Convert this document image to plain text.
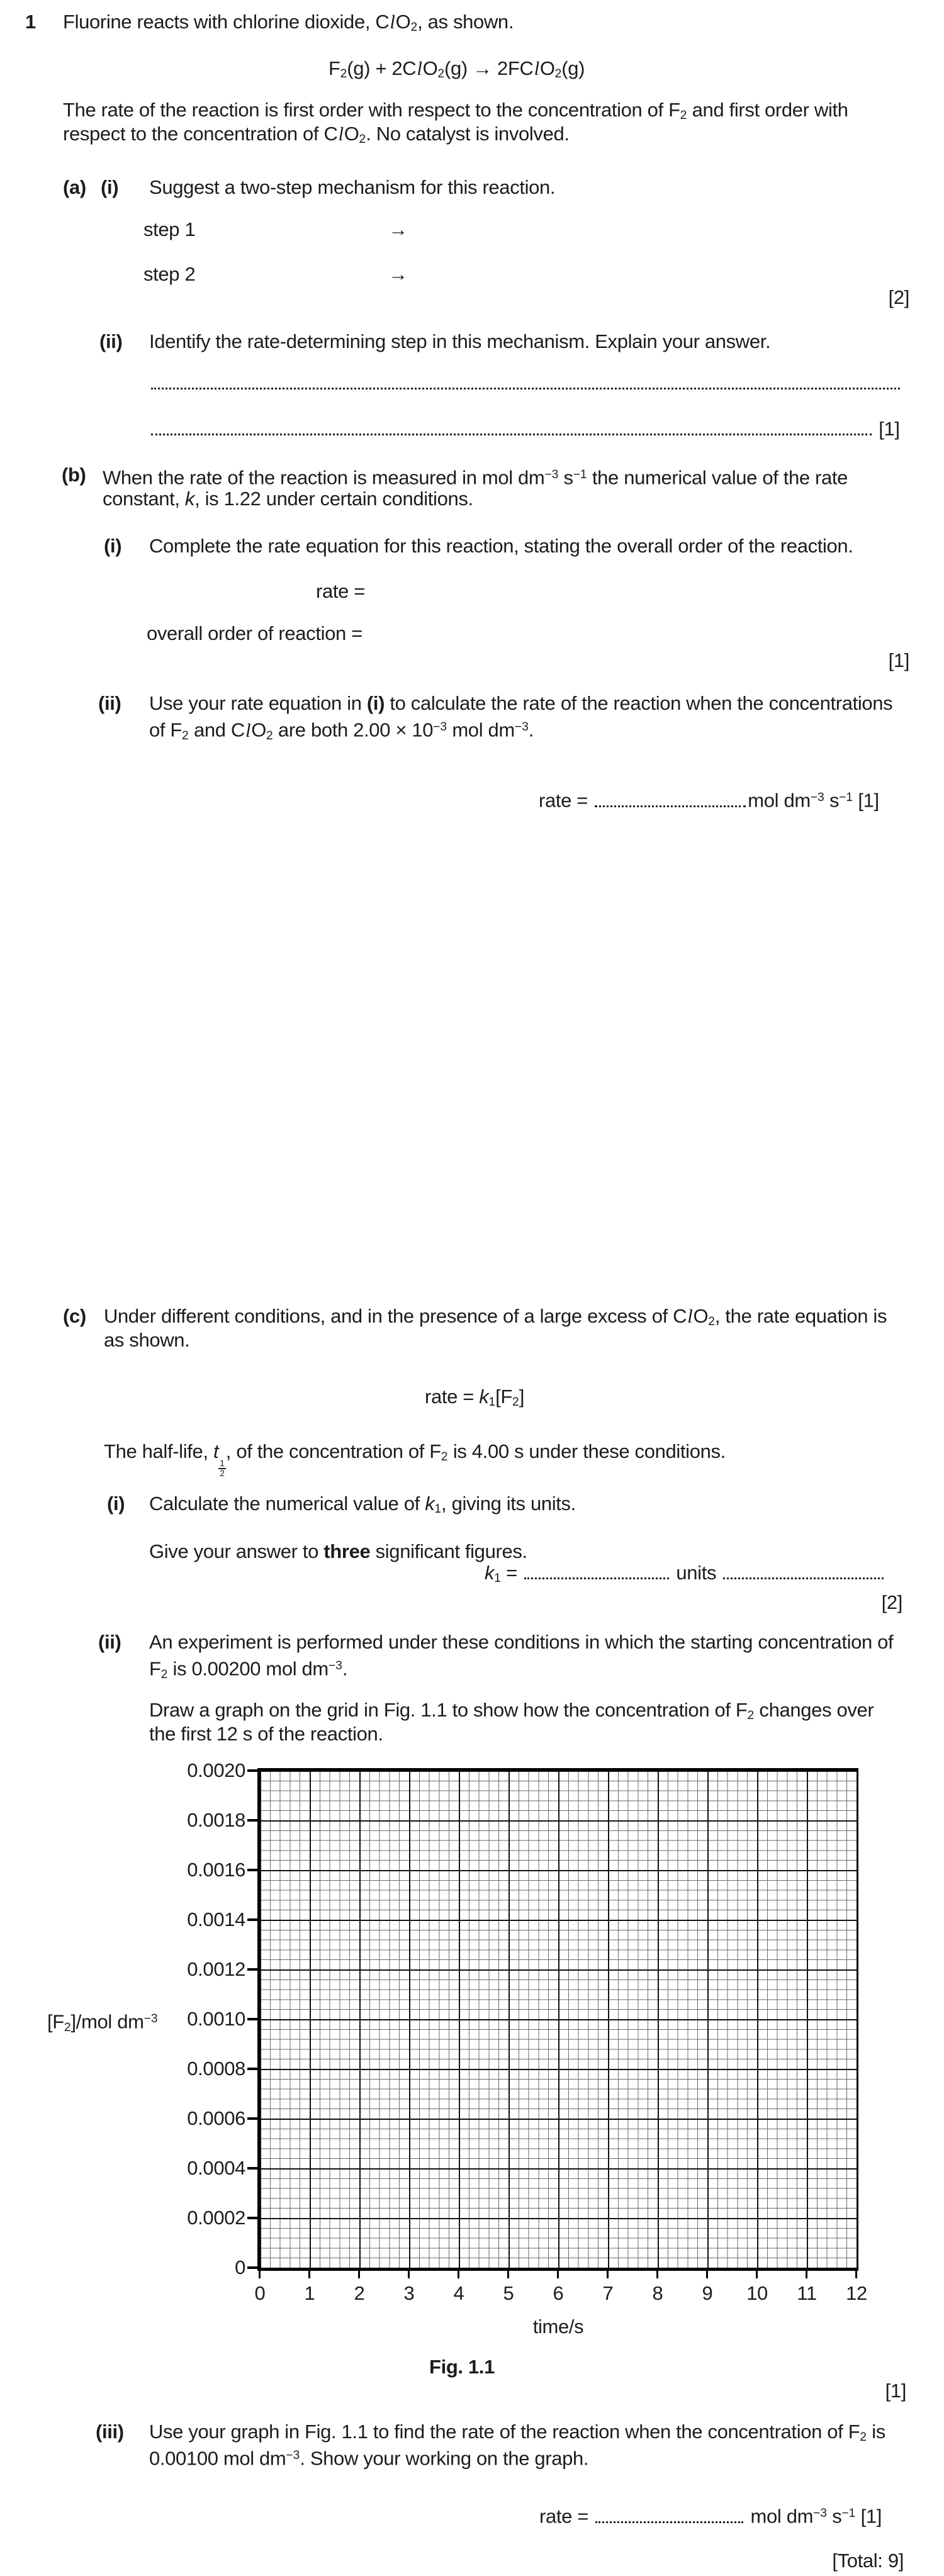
1 Fluorine reacts with chlorine dioxide, ClO$_2$, as shown.
$F_2(g) + 2ClO_2(g)$ → 2FClO$_2$(g)
The rate of the reaction is first order with respect to the concentration of $F_2$ and first order with
respect to the concentration of ClO$_2$. No catalyst is involved.
(a) (i) Suggest a two-step mechanism for this reaction.
step 1	→
step 2	→
[2]
(ii) Identify the rate-determining step in this mechanism. Explain your answer.
[1]
(b) When the rate of the reaction is measured in mol $dm^{-3}$ $s^{-1}$ the numerical value of the rate
constant, k, is 1.22 under certain conditions.
(i) Complete the rate equation for this reaction, stating the overall order of the reaction.
rate =
overall order of reaction =
[1]
(ii) Use your rate equation in (i) to calculate the rate of the reaction when the concentrations
of $F_2$ and ClO$_2$ are both $2.00 \times 10^{-3}$ mol $dm^{-3}$.
rate =	mol $dm^{-3}$ $s^{-1}$ [1]
(c) Under different conditions, and in the presence of a large excess of ClO$_2$, the rate equation is
as shown.
rate = $k_1[F_2]$
The half-life, t
$\frac{1}{2}$
, of the concentration of $F_2$ is 4.00 s under these conditions.
(i) Calculate the numerical value of $k_1$, giving its units.
Give your answer to three significant figures.
$k_1$ =	units
[2]
(ii) An experiment is performed under these conditions in which the starting concentration of
$F_2$ is 0.00200 mol $dm^{-3}$.
Draw a graph on the grid in Fig. 1.1 to show how the concentration of $F_2$ changes over
the first 12 s of the reaction.
0.0020
0.0018
0.0016
0.0014
0.0012
0.0010
0.0008
0.0006
0.0004
0.0002
0
0	1	2	3	4	5	6	7	8	9	10	11	12
$[F_2]$/mol $dm^{-3}$
time/s
Fig. 1.1
[1]
(iii) Use your graph in Fig. 1.1 to find the rate of the reaction when the concentration of $F_2$ is
0.00100 mol $dm^{-3}$. Show your working on the graph.
rate =	mol $dm^{-3}$ $s^{-1}$ [1]
[Total: 9]
